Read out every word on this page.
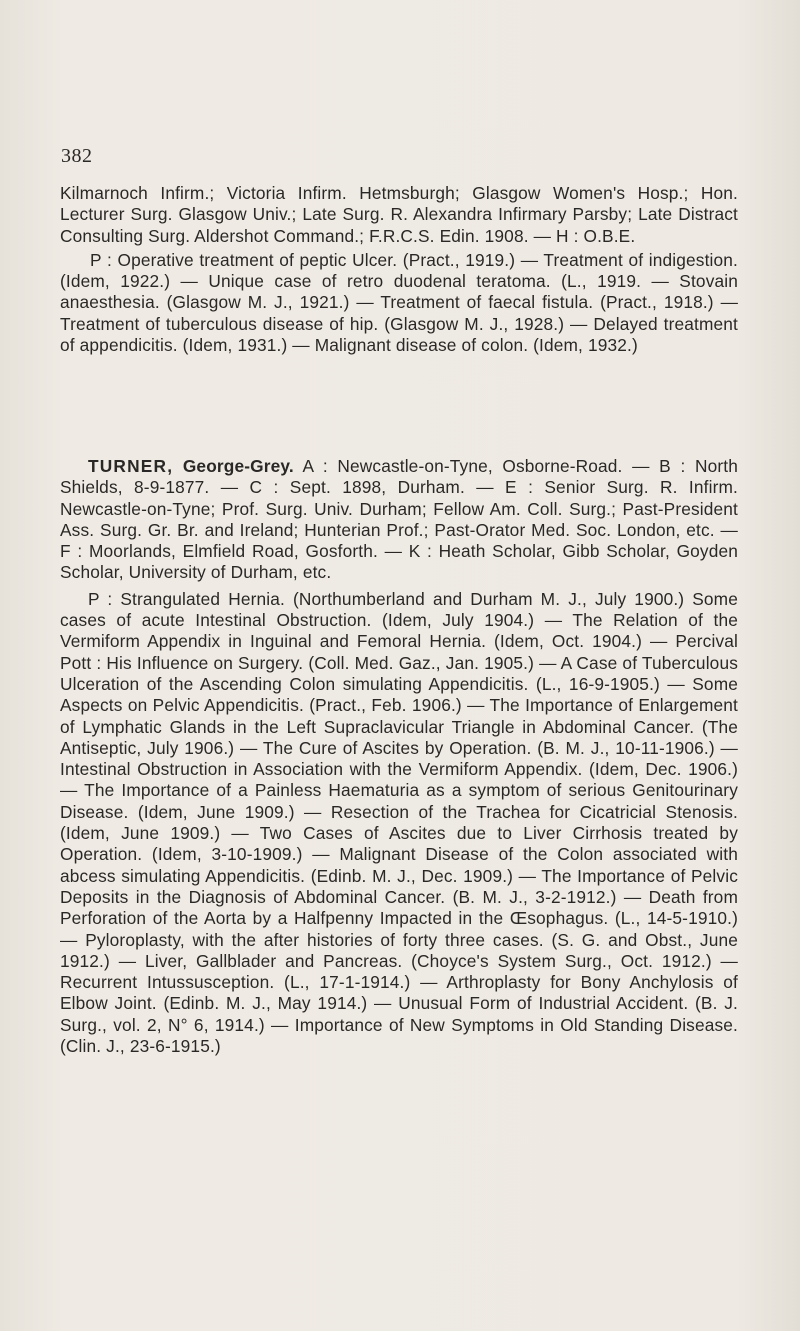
382

Kilmarnoch Infirm.; Victoria Infirm. Hetmsburgh; Glasgow Women's Hosp.; Hon. Lecturer Surg. Glasgow Univ.; Late Surg. R. Alexandra Infirmary Parsby; Late Distract Consulting Surg. Aldershot Command.; F.R.C.S. Edin. 1908. — H : O.B.E.

P : Operative treatment of peptic Ulcer. (Pract., 1919.) — Treatment of indigestion. (Idem, 1922.) — Unique case of retro duodenal teratoma. (L., 1919. — Stovain anaesthesia. (Glasgow M. J., 1921.) — Treatment of faecal fistula. (Pract., 1918.) — Treatment of tuberculous disease of hip. (Glasgow M. J., 1928.) — Delayed treatment of appendicitis. (Idem, 1931.) — Malignant disease of colon. (Idem, 1932.)

TURNER, George-Grey. A : Newcastle-on-Tyne, Osborne-Road. — B : North Shields, 8-9-1877. — C : Sept. 1898, Durham. — E : Senior Surg. R. Infirm. Newcastle-on-Tyne; Prof. Surg. Univ. Durham; Fellow Am. Coll. Surg.; Past-President Ass. Surg. Gr. Br. and Ireland; Hunterian Prof.; Past-Orator Med. Soc. London, etc. — F : Moorlands, Elmfield Road, Gosforth. — K : Heath Scholar, Gibb Scholar, Goyden Scholar, University of Durham, etc.

P : Strangulated Hernia. (Northumberland and Durham M. J., July 1900.) Some cases of acute Intestinal Obstruction. (Idem, July 1904.) — The Relation of the Vermiform Appendix in Inguinal and Femoral Hernia. (Idem, Oct. 1904.) — Percival Pott : His Influence on Surgery. (Coll. Med. Gaz., Jan. 1905.) — A Case of Tuberculous Ulceration of the Ascending Colon simulating Appendicitis. (L., 16-9-1905.) — Some Aspects on Pelvic Appendicitis. (Pract., Feb. 1906.) — The Importance of Enlargement of Lymphatic Glands in the Left Supraclavicular Triangle in Abdominal Cancer. (The Antiseptic, July 1906.) — The Cure of Ascites by Operation. (B. M. J., 10-11-1906.) — Intestinal Obstruction in Association with the Vermiform Appendix. (Idem, Dec. 1906.) — The Importance of a Painless Haematuria as a symptom of serious Genitourinary Disease. (Idem, June 1909.) — Resection of the Trachea for Cicatricial Stenosis. (Idem, June 1909.) — Two Cases of Ascites due to Liver Cirrhosis treated by Operation. (Idem, 3-10-1909.) — Malignant Disease of the Colon associated with abcess simulating Appendicitis. (Edinb. M. J., Dec. 1909.) — The Importance of Pelvic Deposits in the Diagnosis of Abdominal Cancer. (B. M. J., 3-2-1912.) — Death from Perforation of the Aorta by a Halfpenny Impacted in the Œsophagus. (L., 14-5-1910.) — Pyloroplasty, with the after histories of forty three cases. (S. G. and Obst., June 1912.) — Liver, Gallblader and Pancreas. (Choyce's System Surg., Oct. 1912.) — Recurrent Intussusception. (L., 17-1-1914.) — Arthroplasty for Bony Anchylosis of Elbow Joint. (Edinb. M. J., May 1914.) — Unusual Form of Industrial Accident. (B. J. Surg., vol. 2, N° 6, 1914.) — Importance of New Symptoms in Old Standing Disease. (Clin. J., 23-6-1915.)
